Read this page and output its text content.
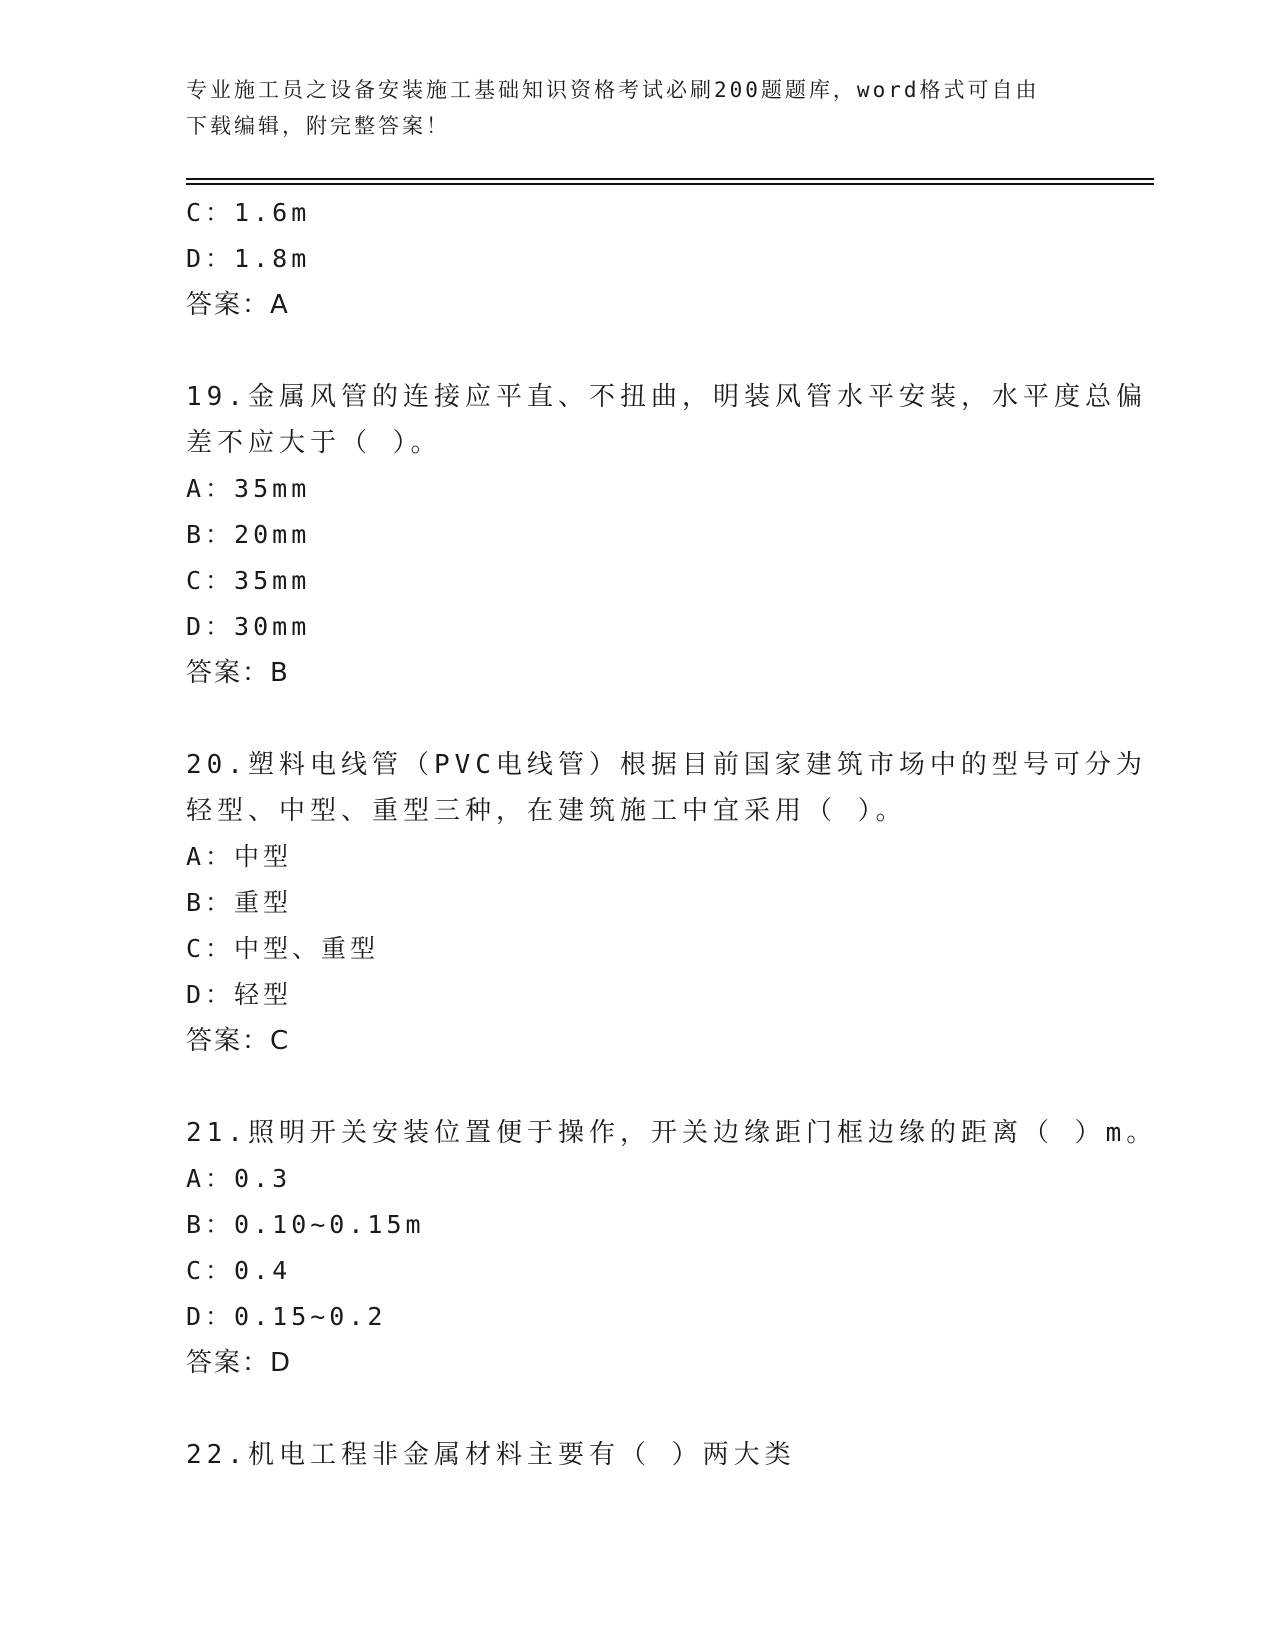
专业施工员之设备安装施工基础知识资格考试必刷200题题库，word格式可自由
下载编辑，附完整答案！
C：1.6m
D：1.8m
答案：A
19.金属风管的连接应平直、不扭曲，明装风管水平安装，水平度总偏
差不应大于（ ）。
A：35mm
B：20mm
C：35mm
D：30mm
答案：B
20.塑料电线管（PVC电线管）根据目前国家建筑市场中的型号可分为
轻型、中型、重型三种，在建筑施工中宜采用（ ）。
A：中型
B：重型
C：中型、重型
D：轻型
答案：C
21.照明开关安装位置便于操作，开关边缘距门框边缘的距离（ ）m。
A：0.3
B：0.10~0.15m
C：0.4
D：0.15~0.2
答案：D
22.机电工程非金属材料主要有（ ）两大类
